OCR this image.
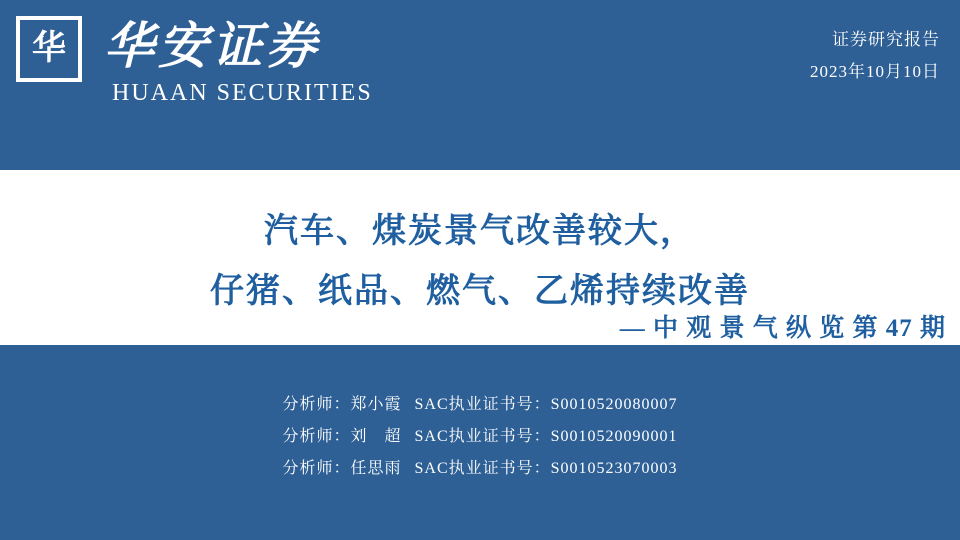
华 华安证券
HUAAN SECURITIES
证券研究报告
2023年10月10日
汽车、煤炭景气改善较大，
仔猪、纸品、燃气、乙烯持续改善
— 中 观 景 气 纵 览 第 47 期
分析师：郑小霞 SAC执业证书号：S0010520080007
分析师：刘　超 SAC执业证书号：S0010520090001
分析师：任思雨 SAC执业证书号：S0010523070003
